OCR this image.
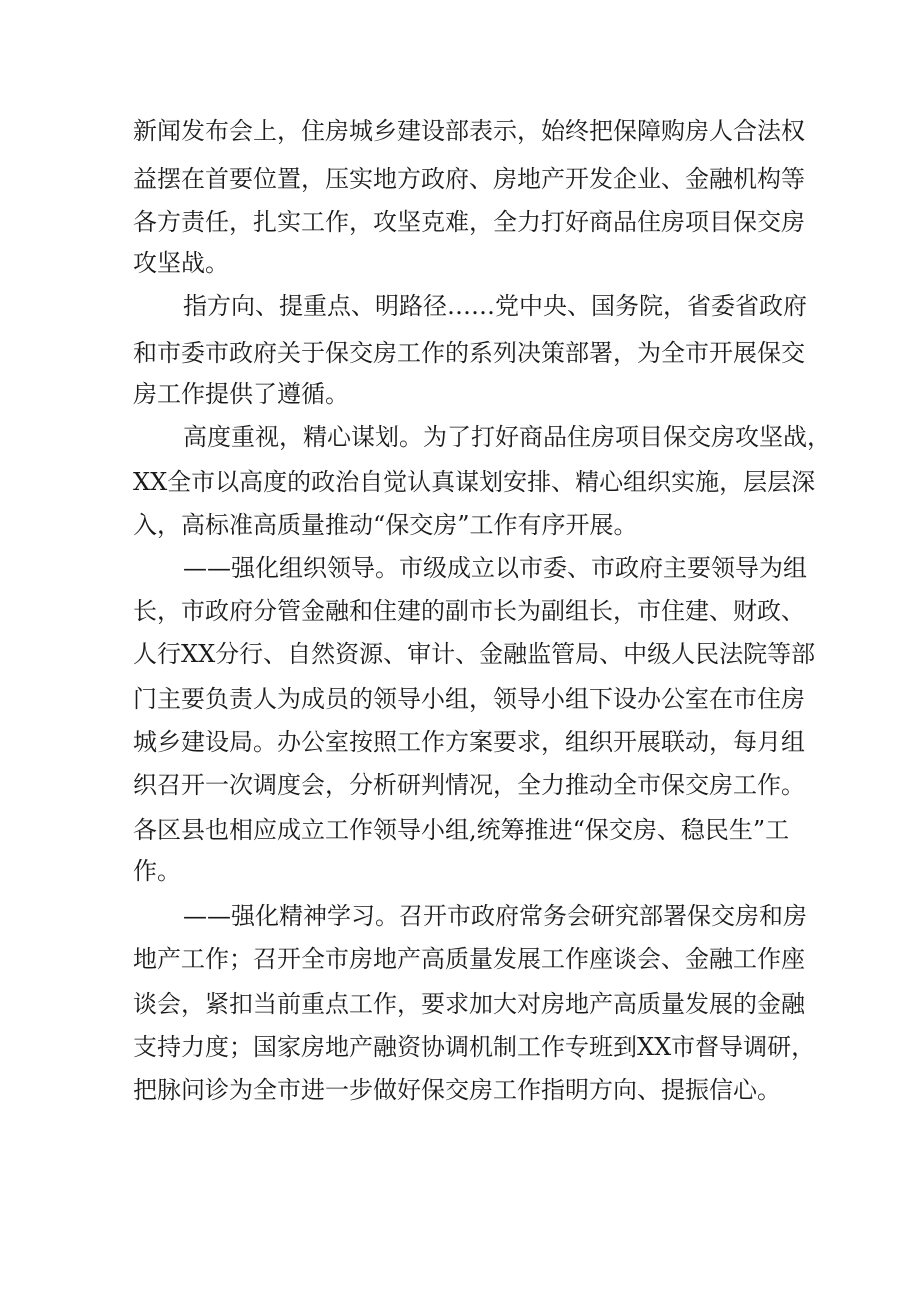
新闻发布会上，住房城乡建设部表示，始终把保障购房人合法权
益摆在首要位置，压实地方政府、房地产开发企业、金融机构等
各方责任，扎实工作，攻坚克难，全力打好商品住房项目保交房
攻坚战。
指方向、提重点、明路径……党中央、国务院，省委省政府
和市委市政府关于保交房工作的系列决策部署，为全市开展保交
房工作提供了遵循。
高度重视，精心谋划。为了打好商品住房项目保交房攻坚战，
XX全市以高度的政治自觉认真谋划安排、精心组织实施，层层深
入，高标准高质量推动“保交房”工作有序开展。
——强化组织领导。市级成立以市委、市政府主要领导为组
长，市政府分管金融和住建的副市长为副组长，市住建、财政、
人行XX分行、自然资源、审计、金融监管局、中级人民法院等部
门主要负责人为成员的领导小组，领导小组下设办公室在市住房
城乡建设局。办公室按照工作方案要求，组织开展联动，每月组
织召开一次调度会，分析研判情况，全力推动全市保交房工作。
各区县也相应成立工作领导小组,统筹推进“保交房、稳民生”工
作。
——强化精神学习。召开市政府常务会研究部署保交房和房
地产工作；召开全市房地产高质量发展工作座谈会、金融工作座
谈会，紧扣当前重点工作，要求加大对房地产高质量发展的金融
支持力度；国家房地产融资协调机制工作专班到XX市督导调研，
把脉问诊为全市进一步做好保交房工作指明方向、提振信心。
